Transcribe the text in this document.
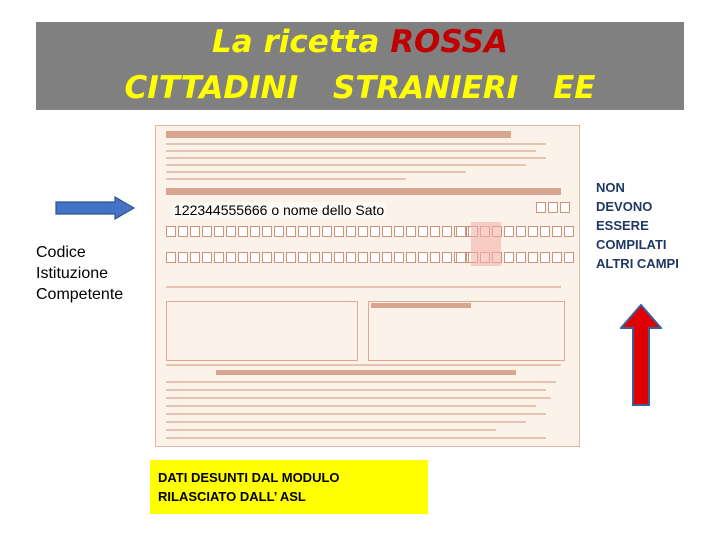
La ricetta ROSSA
CITTADINI STRANIERI EE
122344555666 o nome dello Sato
Codice
Istituzione
Competente
NON
DEVONO
ESSERE
COMPILATI
ALTRI CAMPI
DATI DESUNTI DAL MODULO
RILASCIATO DALL’ ASL
